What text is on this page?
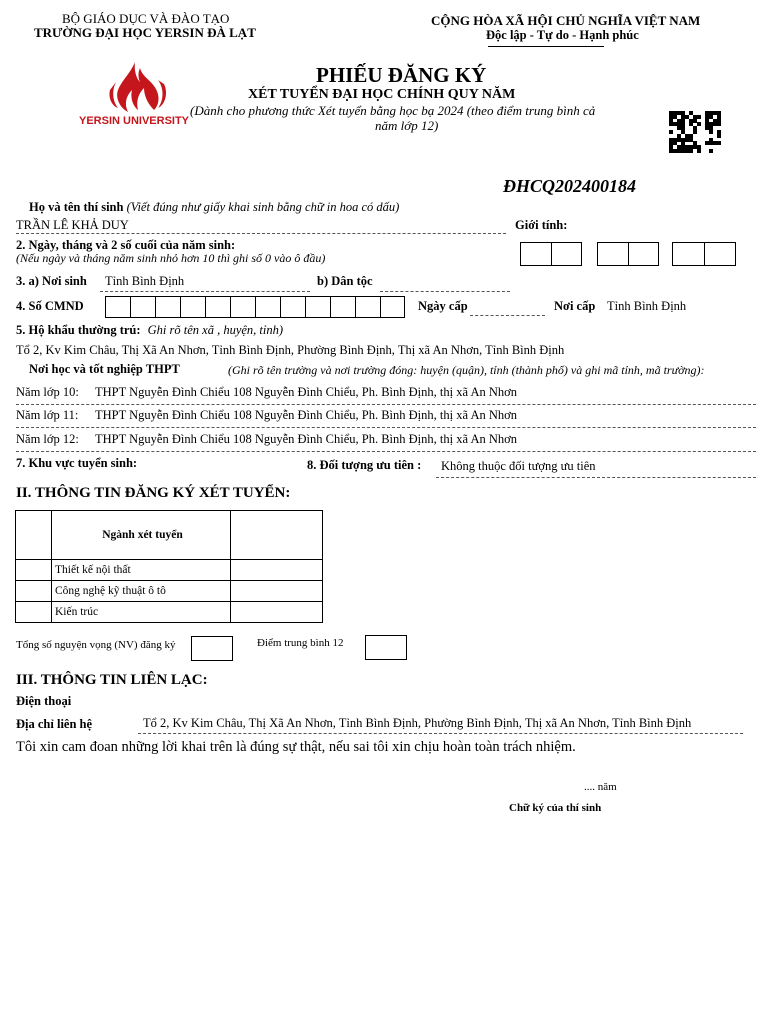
BỘ GIÁO DỤC VÀ ĐÀO TẠO
TRƯỜNG ĐẠI HỌC YERSIN ĐÀ LẠT
CỘNG HÒA XÃ HỘI CHỦ NGHĨA VIỆT NAM
Độc lập - Tự do - Hạnh phúc
YERSIN UNIVERSITY
PHIẾU ĐĂNG KÝ
XÉT TUYỂN ĐẠI HỌC CHÍNH QUY NĂM
(Dành cho phương thức Xét tuyển bằng học bạ 2024 (theo điểm trung bình cả
năm lớp 12)
ĐHCQ202400184
Họ và tên thí sinh (Viết đúng như giấy khai sinh bằng chữ in hoa có dấu)
TRẦN LÊ KHẢ DUY	Giới tính:
2. Ngày, tháng và 2 số cuối của năm sinh:
(Nếu ngày và tháng năm sinh nhỏ hơn 10 thì ghi số 0 vào ô đầu)
3. a) Nơi sinh Tỉnh Bình Định	b) Dân tộc
4. Số CMND	Ngày cấp	Nơi cấp Tỉnh Bình Định
5. Hộ khẩu thường trú: Ghi rõ tên xã , huyện, tỉnh)
Tổ 2, Kv Kim Châu, Thị Xã An Nhơn, Tỉnh Bình Định, Phường Bình Định, Thị xã An Nhơn, Tỉnh Bình Định
Nơi học và tốt nghiệp THPT	(Ghi rõ tên trường và nơi trường đóng: huyện (quận), tỉnh (thành phố) và ghi mã tỉnh, mã trường):
Năm lớp 10: THPT Nguyễn Đình Chiểu 108 Nguyễn Đình Chiểu, Ph. Bình Định, thị xã An Nhơn
Năm lớp 11: THPT Nguyễn Đình Chiểu 108 Nguyễn Đình Chiểu, Ph. Bình Định, thị xã An Nhơn
Năm lớp 12: THPT Nguyễn Đình Chiểu 108 Nguyễn Đình Chiểu, Ph. Bình Định, thị xã An Nhơn
7. Khu vực tuyển sinh:	8. Đối tượng ưu tiên : Không thuộc đối tượng ưu tiên
II. THÔNG TIN ĐĂNG KÝ XÉT TUYỂN:
	Ngành xét tuyển	
	Thiết kế nội thất	
	Công nghệ kỹ thuật ô tô	
	Kiến trúc	
Tổng số nguyện vọng (NV) đăng ký	Điểm trung bình 12
III. THÔNG TIN LIÊN LẠC:
Điện thoại
Địa chỉ liên hệ	Tổ 2, Kv Kim Châu, Thị Xã An Nhơn, Tỉnh Bình Định, Phường Bình Định, Thị xã An Nhơn, Tỉnh Bình Định
Tôi xin cam đoan những lời khai trên là đúng sự thật, nếu sai tôi xin chịu hoàn toàn trách nhiệm.
.... năm
Chữ ký của thí sinh
